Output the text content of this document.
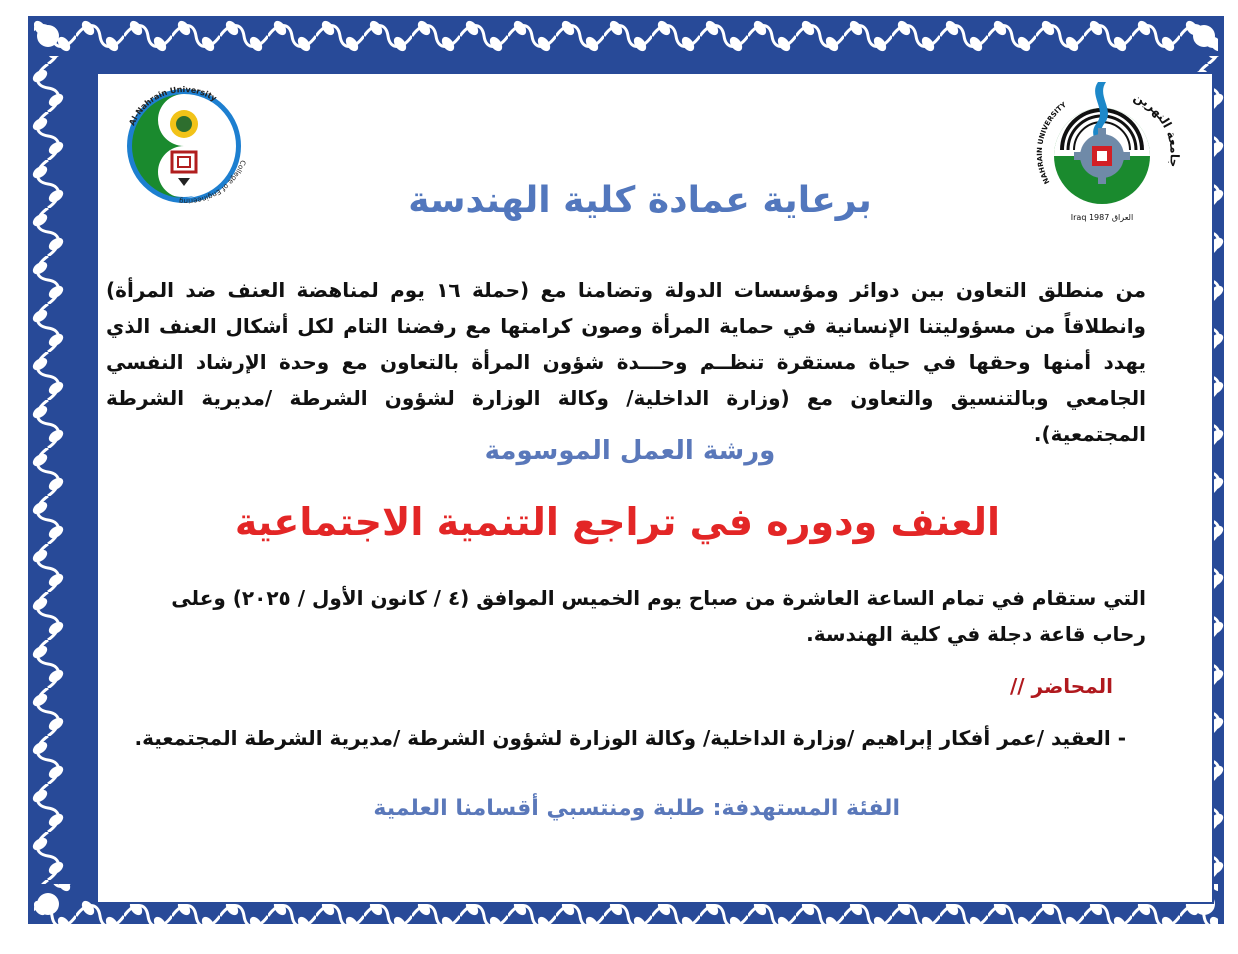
Al-Nahrain University
College of Engineering
NAHRAIN UNIVERSITY	جامعة النهرين
Iraq 1987 العراق
برعاية عمادة كلية الهندسة

من منطلق التعاون بين دوائر ومؤسسات الدولة وتضامنا مع (حملة ١٦ يوم لمناهضة العنف ضد المرأة) وانطلاقاً من مسؤوليتنا الإنسانية في حماية المرأة وصون كرامتها مع رفضنا التام لكل أشكال العنف الذي يهدد أمنها وحقها في حياة مستقرة تنظــم وحـــدة شؤون المرأة بالتعاون مع وحدة الإرشاد النفسي الجامعي وبالتنسيق والتعاون مع (وزارة الداخلية/ وكالة الوزارة لشؤون الشرطة /مديرية الشرطة المجتمعية).

ورشة العمل الموسومة
العنف ودوره في تراجع التنمية الاجتماعية

التي ستقام في تمام الساعة العاشرة من صباح يوم الخميس الموافق (٤ / كانون الأول / ٢٠٢٥) وعلى رحاب قاعة دجلة في كلية الهندسة.

المحاضر //

- العقيد /عمر أفكار إبراهيم /وزارة الداخلية/ وكالة الوزارة لشؤون الشرطة /مديرية الشرطة المجتمعية.

الفئة المستهدفة: طلبة ومنتسبي أقسامنا العلمية
